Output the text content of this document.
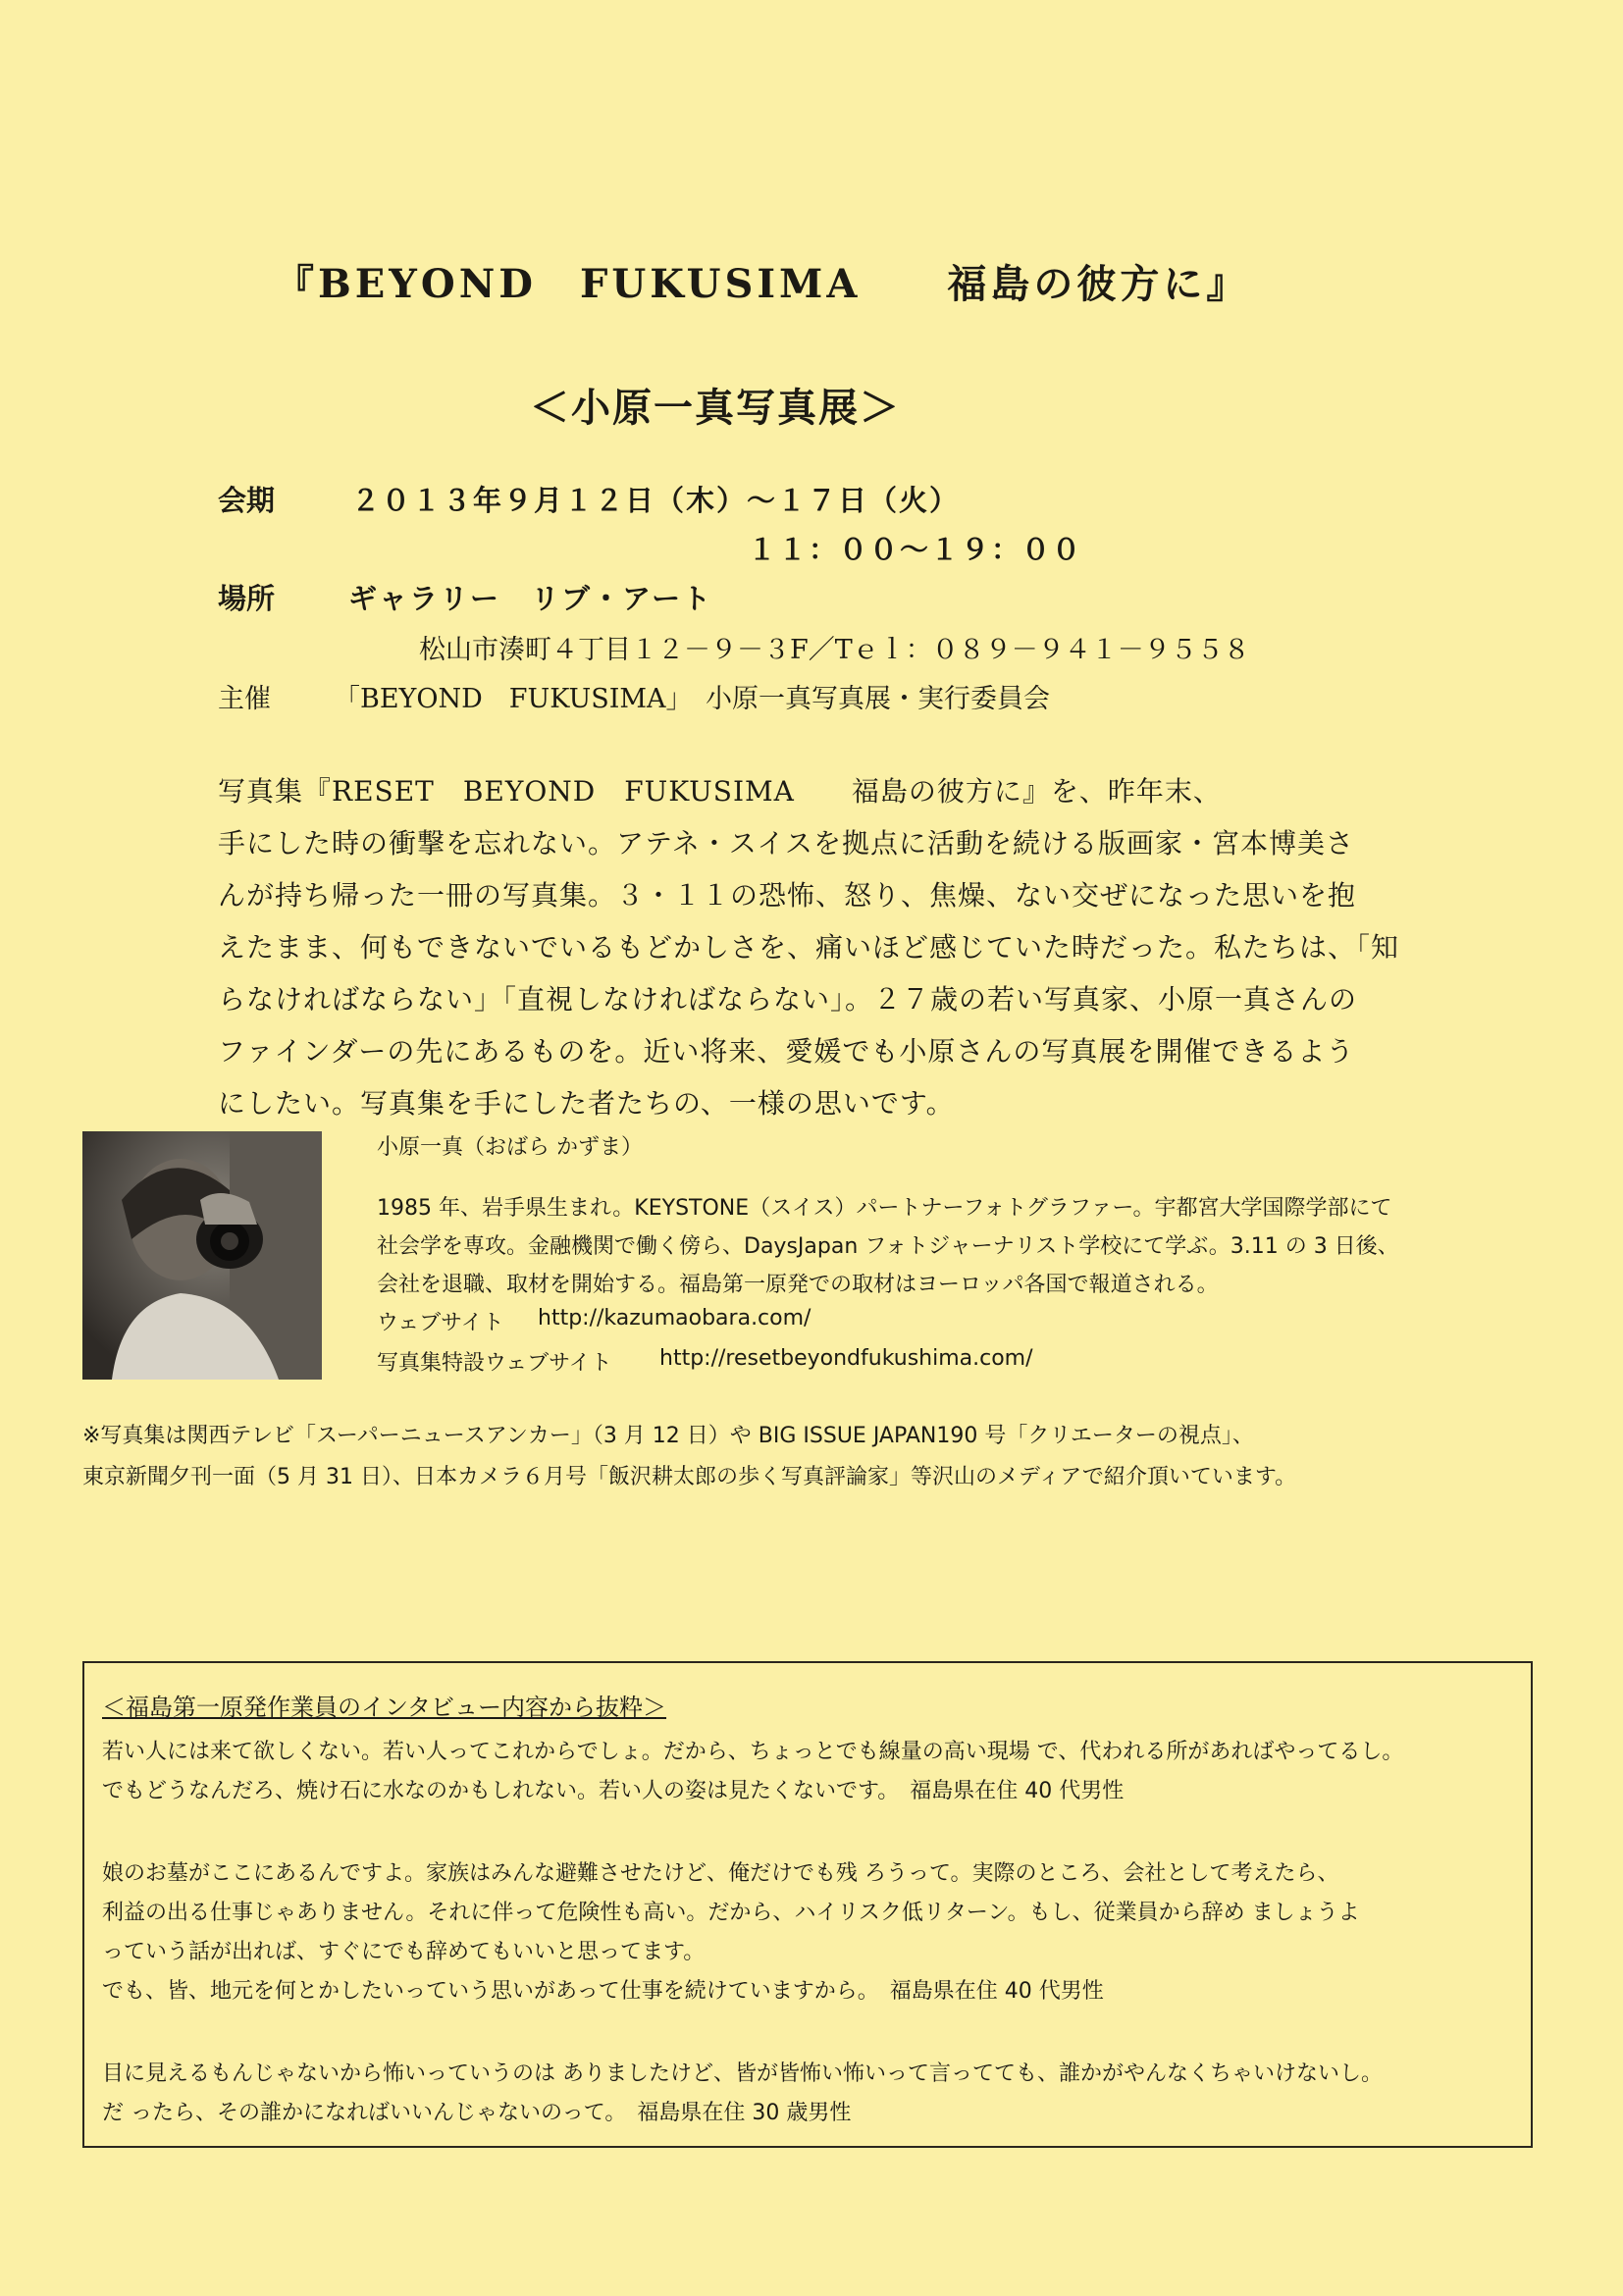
『BEYOND　FUKUSIMA　　福島の彼方に』
＜小原一真写真展＞
会期	２０１３年９月１２日（木）～１７日（火）
１１：００～１９：００
場所	ギャラリー　リブ・アート
松山市湊町４丁目１２－９－３F／Tｅｌ：０８９－９４１－９５５８
主催 「BEYOND　FUKUSIMA」　小原一真写真展・実行委員会
写真集『RESET　BEYOND　FUKUSIMA　　福島の彼方に』を、昨年末、
手にした時の衝撃を忘れない。アテネ・スイスを拠点に活動を続ける版画家・宮本博美さ
んが持ち帰った一冊の写真集。３・１１の恐怖、怒り、焦燥、ない交ぜになった思いを抱
えたまま、何もできないでいるもどかしさを、痛いほど感じていた時だった。私たちは、「知
らなければならない」「直視しなければならない」。２７歳の若い写真家、小原一真さんの
ファインダーの先にあるものを。近い将来、愛媛でも小原さんの写真展を開催できるよう
にしたい。写真集を手にした者たちの、一様の思いです。
小原一真（おばら かずま）
1985 年、岩手県生まれ。KEYSTONE（スイス）パートナーフォトグラファー。宇都宮大学国際学部にて
社会学を専攻。金融機関で働く傍ら、DaysJapan フォトジャーナリスト学校にて学ぶ。3.11 の 3 日後、
会社を退職、取材を開始する。福島第一原発での取材はヨーロッパ各国で報道される。
ウェブサイト http://kazumaobara.com/
写真集特設ウェブサイト http://resetbeyondfukushima.com/
※写真集は関西テレビ「スーパーニュースアンカー」（3 月 12 日）や BIG ISSUE JAPAN190 号「クリエーターの視点」、
東京新聞夕刊一面（5 月 31 日）、日本カメラ６月号「飯沢耕太郎の歩く写真評論家」等沢山のメディアで紹介頂いています。
＜福島第一原発作業員のインタビュー内容から抜粋＞
若い人には来て欲しくない。若い人ってこれからでしょ。だから、ちょっとでも線量の高い現場 で、代われる所があればやってるし。
でもどうなんだろ、焼け石に水なのかもしれない。若い人の姿は見たくないです。　福島県在住 40 代男性
娘のお墓がここにあるんですよ。家族はみんな避難させたけど、俺だけでも残 ろうって。実際のところ、会社として考えたら、
利益の出る仕事じゃありません。それに伴って危険性も高い。だから、ハイリスク低リターン。もし、従業員から辞め ましょうよ
っていう話が出れば、すぐにでも辞めてもいいと思ってます。
でも、皆、地元を何とかしたいっていう思いがあって仕事を続けていますから。　福島県在住 40 代男性
目に見えるもんじゃないから怖いっていうのは ありましたけど、皆が皆怖い怖いって言ってても、誰かがやんなくちゃいけないし。
だ ったら、その誰かになればいいんじゃないのって。　福島県在住 30 歳男性
